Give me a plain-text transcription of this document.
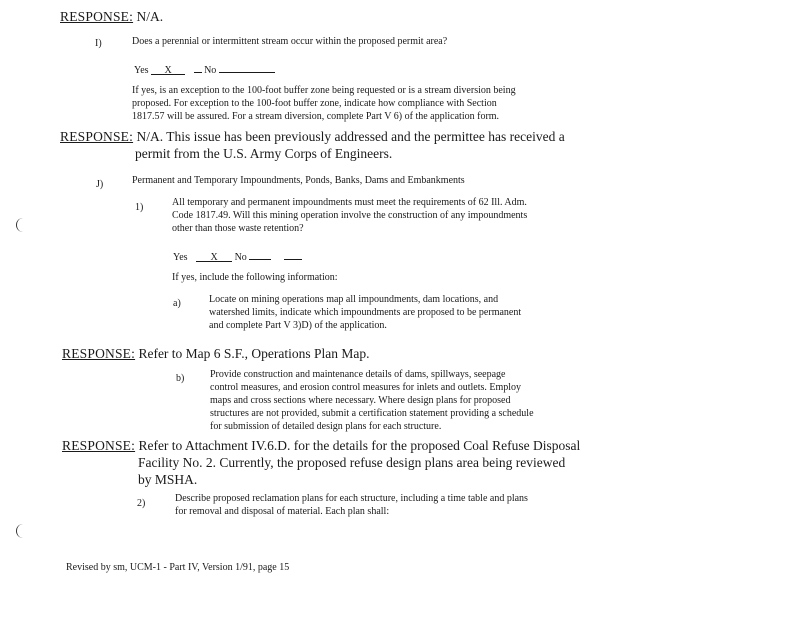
RESPONSE: N/A.
I)	Does a perennial or intermittent stream occur within the proposed permit area?
Yes X	No
If yes, is an exception to the 100-foot buffer zone being requested or is a stream diversion being
proposed. For exception to the 100-foot buffer zone, indicate how compliance with Section
1817.57 will be assured. For a stream diversion, complete Part V 6) of the application form.
RESPONSE: N/A. This issue has been previously addressed and the permittee has received a
permit from the U.S. Army Corps of Engineers.
J)	Permanent and Temporary Impoundments, Ponds, Banks, Dams and Embankments
1)	All temporary and permanent impoundments must meet the requirements of 62 Ill. Adm.
Code 1817.49. Will this mining operation involve the construction of any impoundments
other than those waste retention?
Yes X No
If yes, include the following information:
a)	Locate on mining operations map all impoundments, dam locations, and
watershed limits, indicate which impoundments are proposed to be permanent
and complete Part V 3)D) of the application.
RESPONSE: Refer to Map 6 S.F., Operations Plan Map.
b)	Provide construction and maintenance details of dams, spillways, seepage
control measures, and erosion control measures for inlets and outlets. Employ
maps and cross sections where necessary. Where design plans for proposed
structures are not provided, submit a certification statement providing a schedule
for submission of detailed design plans for each structure.
RESPONSE: Refer to Attachment IV.6.D. for the details for the proposed Coal Refuse Disposal
Facility No. 2. Currently, the proposed refuse design plans area being reviewed
by MSHA.
2)	Describe proposed reclamation plans for each structure, including a time table and plans
for removal and disposal of material. Each plan shall:
Revised by sm, UCM-1 - Part IV, Version 1/91, page 15
